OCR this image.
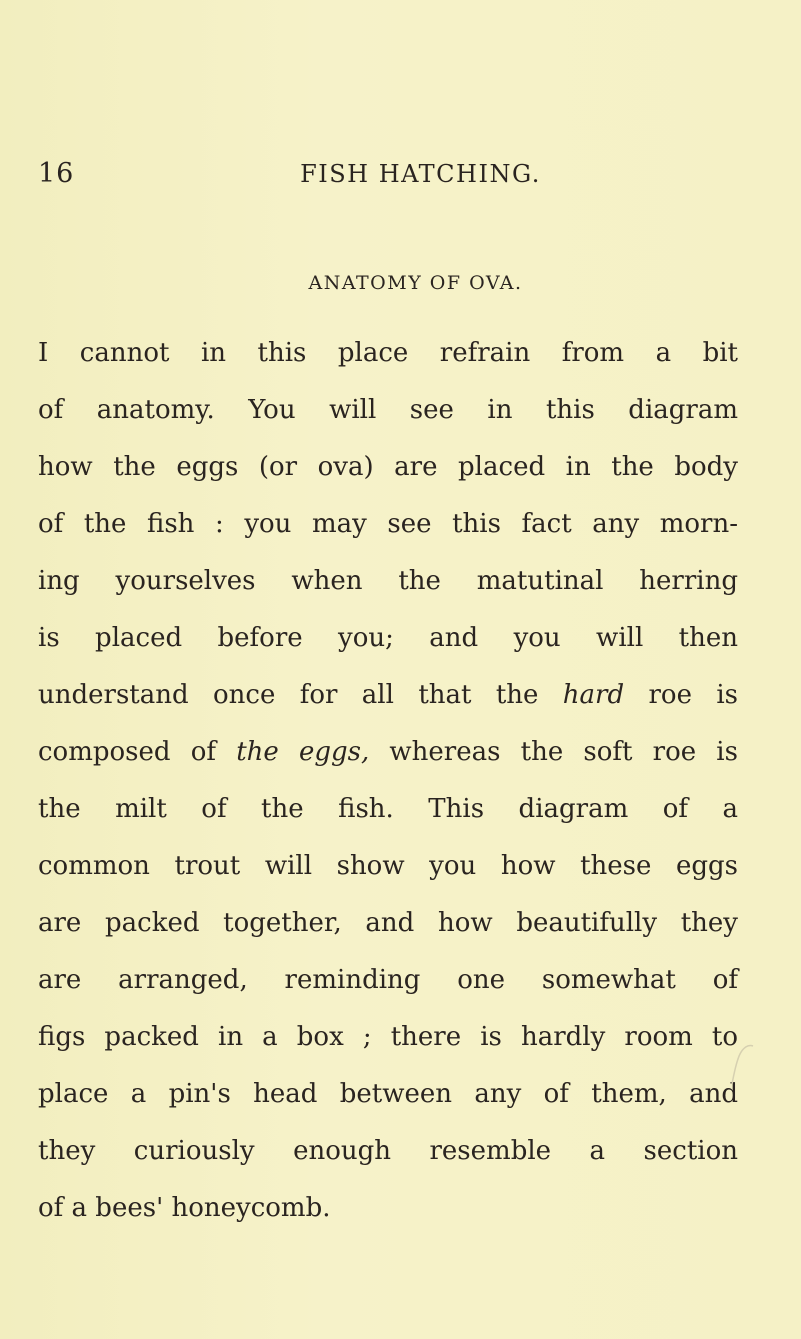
16	FISH HATCHING.
ANATOMY OF OVA.
I cannot in this place refrain from a bit
of anatomy. You will see in this diagram
how the eggs (or ova) are placed in the body
of the fish : you may see this fact any morn-
ing yourselves when the matutinal herring
is placed before you; and you will then
understand once for all that the hard roe is
composed of the eggs, whereas the soft roe is
the milt of the fish. This diagram of a
common trout will show you how these eggs
are packed together, and how beautifully they
are arranged, reminding one somewhat of
figs packed in a box ; there is hardly room to
place a pin's head between any of them, and
they curiously enough resemble a section
of a bees' honeycomb.
